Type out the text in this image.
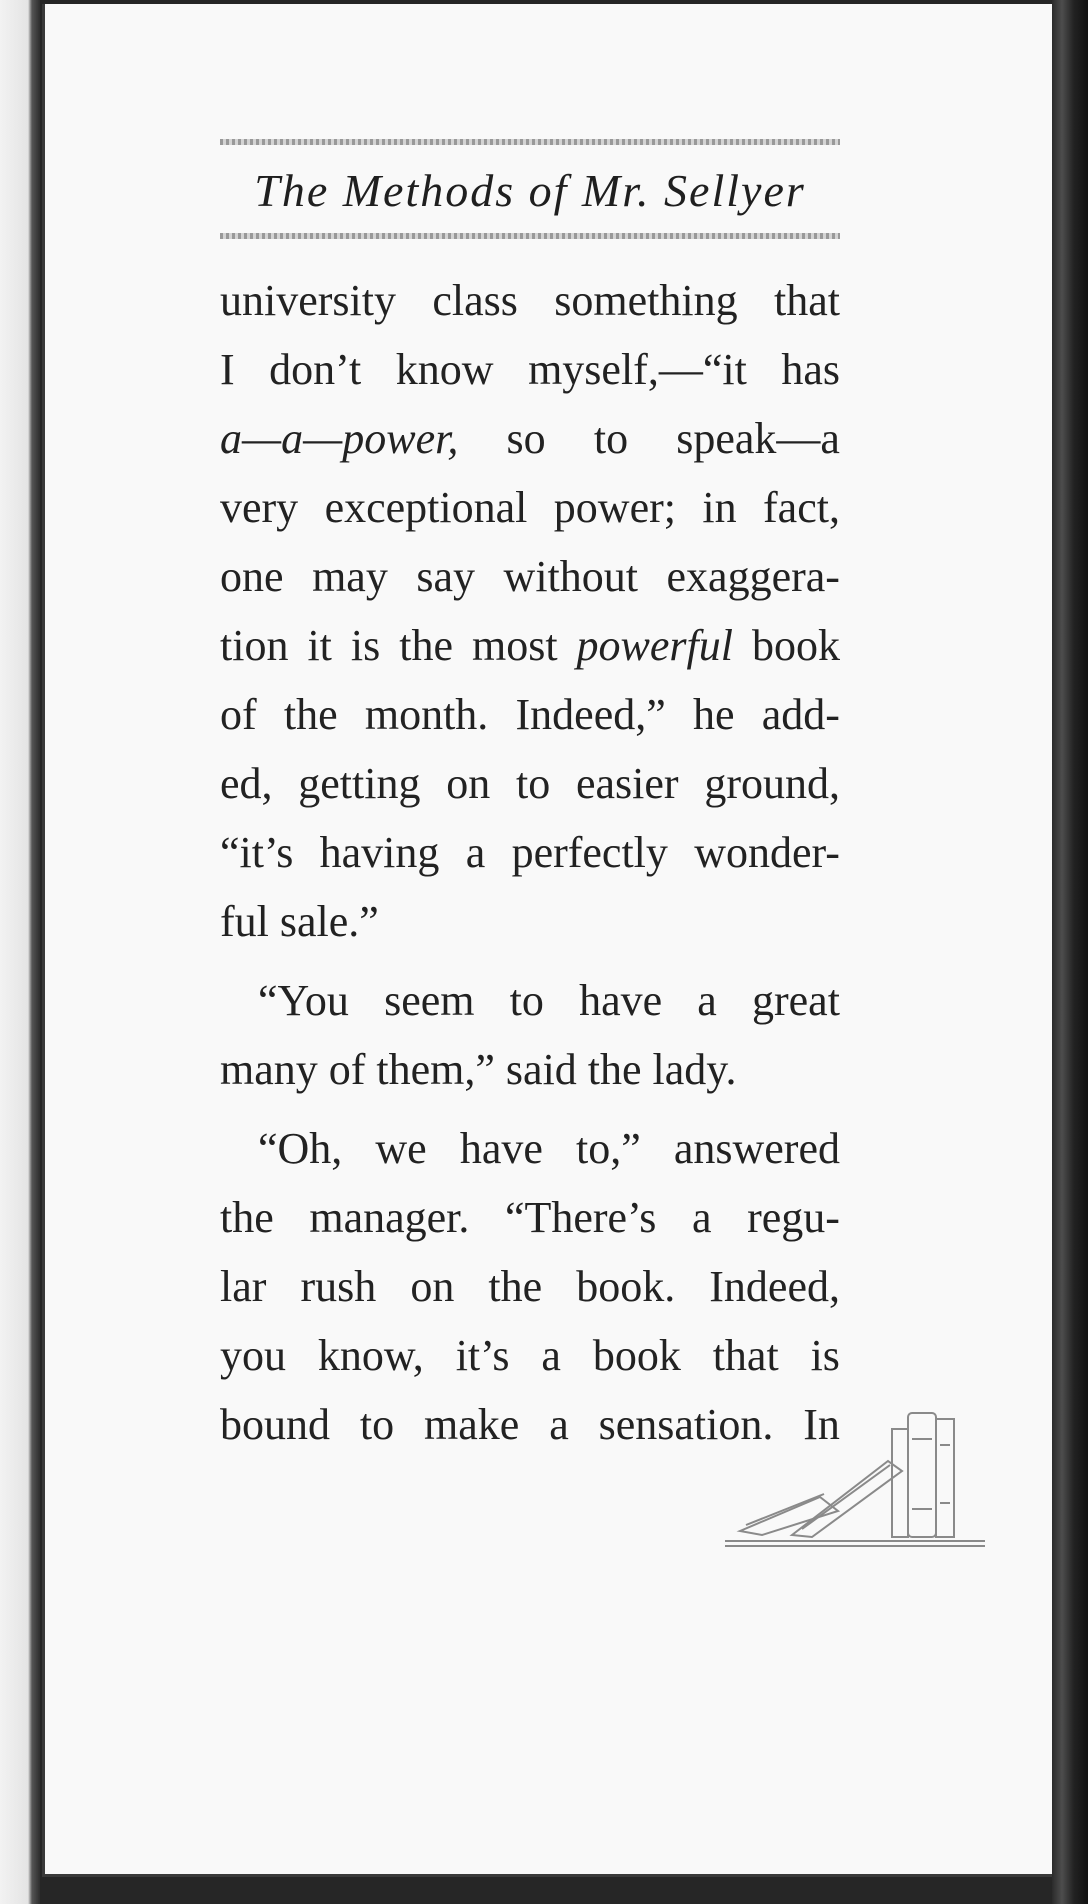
The Methods of Mr. Sellyer
university class something that
I don’t know myself,—“it has
a—a—power, so to speak—a
very exceptional power; in fact,
one may say without exaggera-
tion it is the most powerful book
of the month. Indeed,” he add-
ed, getting on to easier ground,
“it’s having a perfectly wonder-
ful sale.”
“You seem to have a great
many of them,” said the lady.
“Oh, we have to,” answered
the manager. “There’s a regu-
lar rush on the book. Indeed,
you know, it’s a book that is
bound to make a sensation. In
